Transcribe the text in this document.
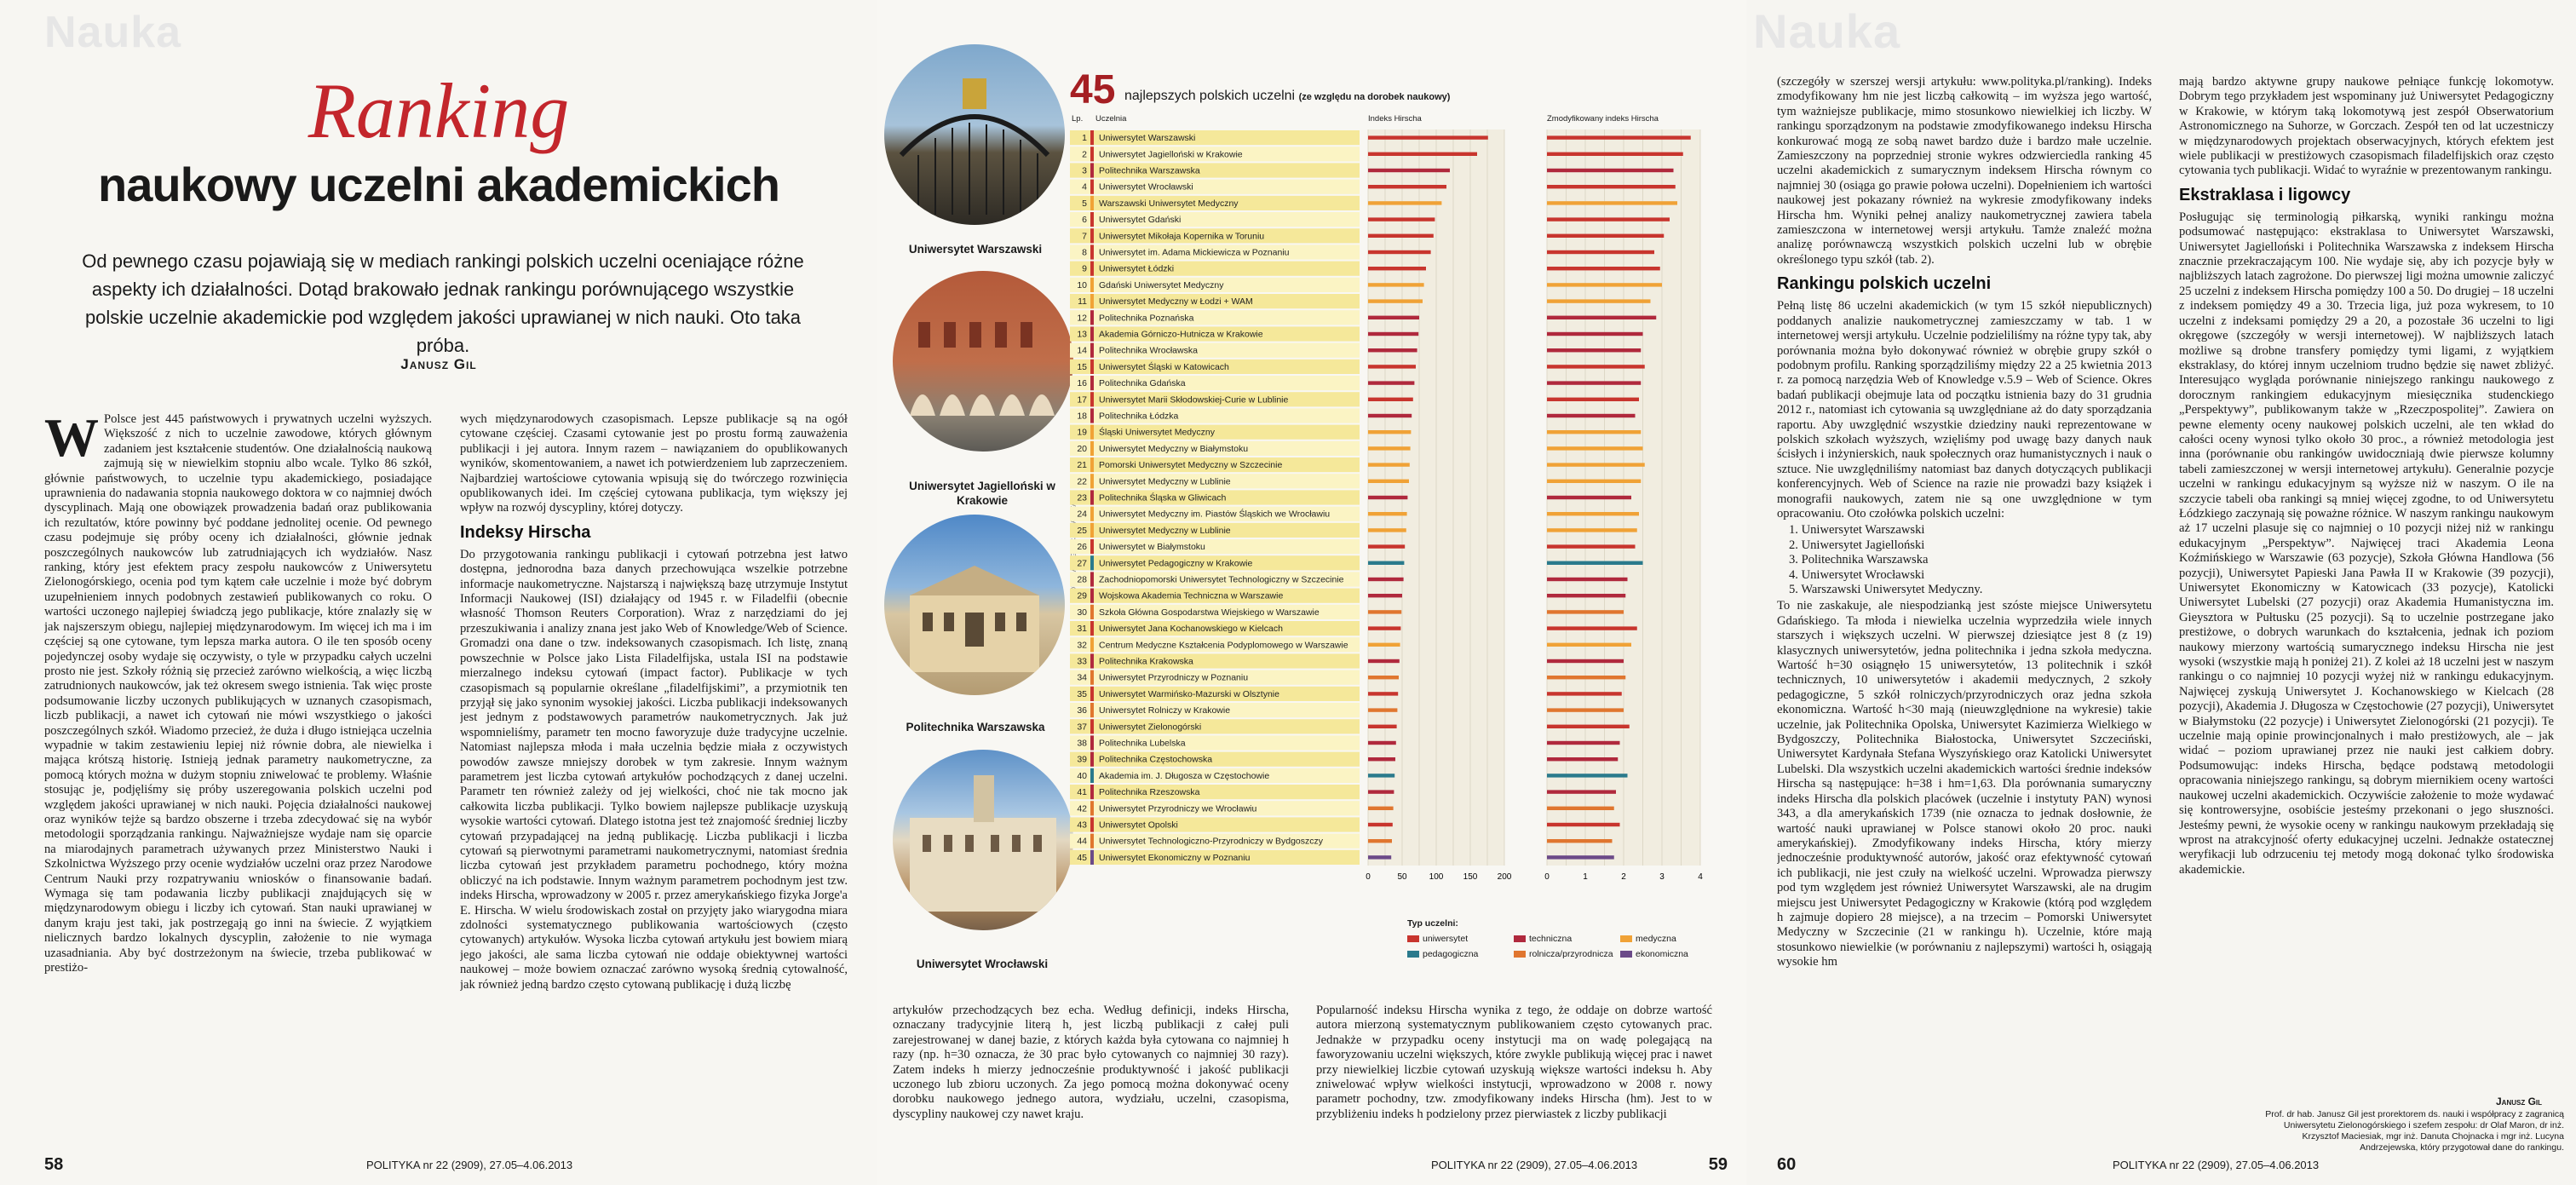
Nauka
Ranking
naukowy uczelni akademickich
Od pewnego czasu pojawiają się w mediach rankingi polskich uczelni oceniające różne aspekty ich działalności. Dotąd brakowało jednak rankingu porównującego wszystkie polskie uczelnie akademickie pod względem jakości uprawianej w nich nauki. Oto taka próba.
Janusz Gil

W Polsce jest 445 państwowych i prywatnych uczelni wyższych. Większość z nich to uczelnie zawodowe, których głównym zadaniem jest kształcenie studentów. One działalnością naukową zajmują się w niewielkim stopniu albo wcale. Tylko 86 szkół, głównie państwowych, to uczelnie typu akademickiego, posiadające uprawnienia do nadawania stopnia naukowego doktora w co najmniej dwóch dyscyplinach. Mają one obowiązek prowadzenia badań oraz publikowania ich rezultatów, które powinny być poddane jednolitej ocenie. Od pewnego czasu podejmuje się próby oceny ich działalności, głównie jednak poszczególnych naukowców lub zatrudniających ich wydziałów. Nasz ranking, który jest efektem pracy zespołu naukowców z Uniwersytetu Zielonogórskiego, ocenia pod tym kątem całe uczelnie i może być dobrym uzupełnieniem innych podobnych zestawień publikowanych co roku. O wartości uczonego najlepiej świadczą jego publikacje, które znalazły się w jak najszerszym obiegu, najlepiej międzynarodowym. Im więcej ich ma i im częściej są one cytowane, tym lepsza marka autora. O ile ten sposób oceny pojedynczej osoby wydaje się oczywisty, o tyle w przypadku całych uczelni prosto nie jest. Szkoły różnią się przecież zarówno wielkością, a więc liczbą zatrudnionych naukowców, jak też okresem swego istnienia. Tak więc proste podsumowanie liczby uczonych publikujących w uznanych czasopismach, liczb publikacji, a nawet ich cytowań nie mówi wszystkiego o jakości poszczególnych szkół. Wiadomo przecież, że duża i długo istniejąca uczelnia wypadnie w takim zestawieniu lepiej niż równie dobra, ale niewielka i mająca krótszą historię. Istnieją jednak parametry naukometryczne, za pomocą których można w dużym stopniu zniwelować te problemy. Właśnie stosując je, podjęliśmy się próby uszeregowania polskich uczelni pod względem jakości uprawianej w nich nauki. Pojęcia działalności naukowej oraz wyników tejże są bardzo obszerne i trzeba zdecydować się na wybór metodologii sporządzania rankingu. Najważniejsze wydaje nam się oparcie na miarodajnych parametrach używanych przez Ministerstwo Nauki i Szkolnictwa Wyższego przy ocenie wydziałów uczelni oraz przez Narodowe Centrum Nauki przy rozpatrywaniu wniosków o finansowanie badań. Wymaga się tam podawania liczby publikacji znajdujących się w międzynarodowym obiegu i liczby ich cytowań. Stan nauki uprawianej w danym kraju jest taki, jak postrzegają go inni na świecie. Z wyjątkiem nielicznych bardzo lokalnych dyscyplin, założenie to nie wymaga uzasadniania. Aby być dostrzeżonym na świecie, trzeba publikować w prestiżo-

wych międzynarodowych czasopismach. Lepsze publikacje są na ogół cytowane częściej. Czasami cytowanie jest po prostu formą zauważenia publikacji i jej autora. Innym razem – nawiązaniem do opublikowanych wyników, skomentowaniem, a nawet ich potwierdzeniem lub zaprzeczeniem. Najbardziej wartościowe cytowania wpisują się do twórczego rozwinięcia opublikowanych idei. Im częściej cytowana publikacja, tym większy jej wpływ na rozwój dyscypliny, której dotyczy.

Indeksy Hirscha

Do przygotowania rankingu publikacji i cytowań potrzebna jest łatwo dostępna, jednorodna baza danych przechowująca wszelkie potrzebne informacje naukometryczne. Najstarszą i największą bazę utrzymuje Instytut Informacji Naukowej (ISI) działający od 1945 r. w Filadelfii (obecnie własność Thomson Reuters Corporation). Wraz z narzędziami do jej przeszukiwania i analizy znana jest jako Web of Knowledge/Web of Science. Gromadzi ona dane o tzw. indeksowanych czasopismach. Ich listę, znaną powszechnie w Polsce jako Lista Filadelfijska, ustala ISI na podstawie mierzalnego indeksu cytowań (impact factor). Publikacje w tych czasopismach są popularnie określane „filadelfijskimi”, a przymiotnik ten przyjął się jako synonim wysokiej jakości. Liczba publikacji indeksowanych jest jednym z podstawowych parametrów naukometrycznych. Jak już wspomnieliśmy, parametr ten mocno faworyzuje duże tradycyjne uczelnie. Natomiast najlepsza młoda i mała uczelnia będzie miała z oczywistych powodów zawsze mniejszy dorobek w tym zakresie. Innym ważnym parametrem jest liczba cytowań artykułów pochodzących z danej uczelni. Parametr ten również zależy od jej wielkości, choć nie tak mocno jak całkowita liczba publikacji. Tylko bowiem najlepsze publikacje uzyskują wysokie wartości cytowań. Dlatego istotna jest też znajomość średniej liczby cytowań przypadającej na jedną publikację. Liczba publikacji i liczba cytowań są pierwotnymi parametrami naukometrycznymi, natomiast średnia liczba cytowań jest przykładem parametru pochodnego, który można obliczyć na ich podstawie. Innym ważnym parametrem pochodnym jest tzw. indeks Hirscha, wprowadzony w 2005 r. przez amerykańskiego fizyka Jorge'a E. Hirscha. W wielu środowiskach został on przyjęty jako wiarygodna miara zdolności systematycznego publikowania wartościowych (często cytowanych) artykułów. Wysoka liczba cytowań artykułu jest bowiem miarą jego jakości, ale sama liczba cytowań nie oddaje obiektywnej wartości naukowej – może bowiem oznaczać zarówno wysoką średnią cytowalność, jak również jedną bardzo często cytowaną publikację i dużą liczbę

58	POLITYKA nr 22 (2909), 27.05–4.06.2013
Uniwersytet Warszawski
Uniwersytet Jagielloński w Krakowie
Politechnika Warszawska
Uniwersytet Wrocławski
45 najlepszych polskich uczelni (ze względu na dorobek naukowy)
Lp. Uczelnia	Indeks Hirscha	Zmodyfikowany indeks Hirscha
1 Uniwersytet Warszawski
2 Uniwersytet Jagielloński w Krakowie
3 Politechnika Warszawska
4 Uniwersytet Wrocławski
5 Warszawski Uniwersytet Medyczny
6 Uniwersytet Gdański
7 Uniwersytet Mikołaja Kopernika w Toruniu
8 Uniwersytet im. Adama Mickiewicza w Poznaniu
9 Uniwersytet Łódzki
10 Gdański Uniwersytet Medyczny
11 Uniwersytet Medyczny w Łodzi + WAM
12 Politechnika Poznańska
13 Akademia Górniczo-Hutnicza w Krakowie
14 Politechnika Wrocławska
15 Uniwersytet Śląski w Katowicach
16 Politechnika Gdańska
17 Uniwersytet Marii Skłodowskiej-Curie w Lublinie
18 Politechnika Łódzka
19 Śląski Uniwersytet Medyczny
20 Uniwersytet Medyczny w Białymstoku
21 Pomorski Uniwersytet Medyczny w Szczecinie
22 Uniwersytet Medyczny w Lublinie
23 Politechnika Śląska w Gliwicach
24 Uniwersytet Medyczny im. Piastów Śląskich we Wrocławiu
25 Uniwersytet Medyczny w Lublinie
26 Uniwersytet w Białymstoku
27 Uniwersytet Pedagogiczny w Krakowie
28 Zachodniopomorski Uniwersytet Technologiczny w Szczecinie
29 Wojskowa Akademia Techniczna w Warszawie
30 Szkoła Główna Gospodarstwa Wiejskiego w Warszawie
31 Uniwersytet Jana Kochanowskiego w Kielcach
32 Centrum Medyczne Kształcenia Podyplomowego w Warszawie
33 Politechnika Krakowska
34 Uniwersytet Przyrodniczy w Poznaniu
35 Uniwersytet Warmińsko-Mazurski w Olsztynie
36 Uniwersytet Rolniczy w Krakowie
37 Uniwersytet Zielonogórski
38 Politechnika Lubelska
39 Politechnika Częstochowska
40 Akademia im. J. Długosza w Częstochowie
41 Politechnika Rzeszowska
42 Uniwersytet Przyrodniczy we Wrocławiu
43 Uniwersytet Opolski
44 Uniwersytet Technologiczno-Przyrodniczy w Bydgoszczy
45 Uniwersytet Ekonomiczny w Poznaniu
0	50	100 150 200	0	1	2	3	4
Typ uczelni:
uniwersytet	techniczna	medyczna
pedagogiczna	rolnicza/przyrodnicza	ekonomiczna

artykułów przechodzących bez echa. Według definicji, indeks Hirscha, oznaczany tradycyjnie literą h, jest liczbą publikacji z całej puli zarejestrowanej w danej bazie, z których każda była cytowana co najmniej h razy (np. h=30 oznacza, że 30 prac było cytowanych co najmniej 30 razy). Zatem indeks h mierzy jednocześnie produktywność i jakość publikacji uczonego lub zbioru uczonych. Za jego pomocą można dokonywać oceny dorobku naukowego jednego autora, wydziału, uczelni, czasopisma, dyscypliny naukowej czy nawet kraju.

Popularność indeksu Hirscha wynika z tego, że oddaje on dobrze wartość autora mierzoną systematycznym publikowaniem często cytowanych prac. Jednakże w przypadku oceny instytucji ma on wadę polegającą na faworyzowaniu uczelni większych, które zwykle publikują więcej prac i nawet przy niewielkiej liczbie cytowań uzyskują większe wartości indeksu h. Aby zniwelować wpływ wielkości instytucji, wprowadzono w 2008 r. nowy parametr pochodny, tzw. zmodyfikowany indeks Hirscha (hm). Jest to w przybliżeniu indeks h podzielony przez pierwiastek z liczby publikacji

POLITYKA nr 22 (2909), 27.05–4.06.2013	59
Nauka

(szczegóły w szerszej wersji artykułu: www.polityka.pl/ranking). Indeks zmodyfikowany hm nie jest liczbą całkowitą – im wyższa jego wartość, tym ważniejsze publikacje, mimo stosunkowo niewielkiej ich liczby. W rankingu sporządzonym na podstawie zmodyfikowanego indeksu Hirscha konkurować mogą ze sobą nawet bardzo duże i bardzo małe uczelnie. Zamieszczony na poprzedniej stronie wykres odzwierciedla ranking 45 uczelni akademickich z sumarycznym indeksem Hirscha równym co najmniej 30 (osiąga go prawie połowa uczelni). Dopełnieniem ich wartości naukowej jest pokazany również na wykresie zmodyfikowany indeks Hirscha hm. Wyniki pełnej analizy naukometrycznej zawiera tabela zamieszczona w internetowej wersji artykułu. Tamże znaleźć można analizę porównawczą wszystkich polskich uczelni lub w obrębie określonego typu szkół (tab. 2).

Rankingu polskich uczelni

Pełną listę 86 uczelni akademickich (w tym 15 szkół niepublicznych) poddanych analizie naukometrycznej zamieszczamy w tab. 1 w internetowej wersji artykułu. Uczelnie podzieliliśmy na różne typy tak, aby porównania można było dokonywać również w obrębie grupy szkół o podobnym profilu. Ranking sporządziliśmy między 22 a 25 kwietnia 2013 r. za pomocą narzędzia Web of Knowledge v.5.9 – Web of Science. Okres badań publikacji obejmuje lata od początku istnienia bazy do 31 grudnia 2012 r., natomiast ich cytowania są uwzględniane aż do daty sporządzania raportu. Aby uwzględnić wszystkie dziedziny nauki reprezentowane w polskich szkołach wyższych, wzięliśmy pod uwagę bazy danych nauk ścisłych i inżynierskich, nauk społecznych oraz humanistycznych i nauk o sztuce. Nie uwzględniliśmy natomiast baz danych dotyczących publikacji konferencyjnych. Web of Science na razie nie prowadzi bazy książek i monografii naukowych, zatem nie są one uwzględnione w tym opracowaniu. Oto czołówka polskich uczelni:

1. Uniwersytet Warszawski
2. Uniwersytet Jagielloński
3. Politechnika Warszawska
4. Uniwersytet Wrocławski
5. Warszawski Uniwersytet Medyczny.

To nie zaskakuje, ale niespodzianką jest szóste miejsce Uniwersytetu Gdańskiego. Ta młoda i niewielka uczelnia wyprzedziła wiele innych starszych i większych uczelni. W pierwszej dziesiątce jest 8 (z 19) klasycznych uniwersytetów, jedna politechnika i jedna szkoła medyczna. Wartość h=30 osiągnęło 15 uniwersytetów, 13 politechnik i szkół technicznych, 10 uniwersytetów i akademii medycznych, 2 szkoły pedagogiczne, 5 szkół rolniczych/przyrodniczych oraz jedna szkoła ekonomiczna. Wartość h<30 mają (nieuwzględnione na wykresie) takie uczelnie, jak Politechnika Opolska, Uniwersytet Kazimierza Wielkiego w Bydgoszczy, Politechnika Białostocka, Uniwersytet Szczeciński, Uniwersytet Kardynała Stefana Wyszyńskiego oraz Katolicki Uniwersytet Lubelski. Dla wszystkich uczelni akademickich wartości średnie indeksów Hirscha są następujące: h=38 i hm=1,63. Dla porównania sumaryczny indeks Hirscha dla polskich placówek (uczelnie i instytuty PAN) wynosi 343, a dla amerykańskich 1739 (nie oznacza to jednak dosłownie, że wartość nauki uprawianej w Polsce stanowi około 20 proc. nauki amerykańskiej). Zmodyfikowany indeks Hirscha, który mierzy jednocześnie produktywność autorów, jakość oraz efektywność cytowań ich publikacji, nie jest czuły na wielkość uczelni. Wprowadza pierwszy pod tym względem jest również Uniwersytet Warszawski, ale na drugim miejscu jest Uniwersytet Pedagogiczny w Krakowie (którą pod względem h zajmuje dopiero 28 miejsce), a na trzecim – Pomorski Uniwersytet Medyczny w Szczecinie (21 w rankingu h). Uczelnie, które mają stosunkowo niewielkie (w porównaniu z najlepszymi) wartości h, osiągają wysokie hm

mają bardzo aktywne grupy naukowe pełniące funkcję lokomotyw. Dobrym tego przykładem jest wspominany już Uniwersytet Pedagogiczny w Krakowie, w którym taką lokomotywą jest zespół Obserwatorium Astronomicznego na Suhorze, w Gorczach. Zespół ten od lat uczestniczy w międzynarodowych projektach obserwacyjnych, których efektem jest wiele publikacji w prestiżowych czasopismach filadelfijskich oraz często cytowania tych publikacji. Widać to wyraźnie w prezentowanym rankingu.

Ekstraklasa i ligowcy

Posługując się terminologią piłkarską, wyniki rankingu można podsumować następująco: ekstraklasa to Uniwersytet Warszawski, Uniwersytet Jagielloński i Politechnika Warszawska z indeksem Hirscha znacznie przekraczającym 100. Nie wydaje się, aby ich pozycje były w najbliższych latach zagrożone. Do pierwszej ligi można umownie zaliczyć 25 uczelni z indeksem Hirscha pomiędzy 100 a 50. Do drugiej – 18 uczelni z indeksem pomiędzy 49 a 30. Trzecia liga, już poza wykresem, to 10 uczelni z indeksami pomiędzy 29 a 20, a pozostałe 36 uczelni to ligi okręgowe (szczegóły w wersji internetowej). W najbliższych latach możliwe są drobne transfery pomiędzy tymi ligami, z wyjątkiem ekstraklasy, do której innym uczelniom trudno będzie się nawet zbliżyć. Interesująco wygląda porównanie niniejszego rankingu naukowego z dorocznym rankingiem edukacyjnym miesięcznika studenckiego „Perspektywy”, publikowanym także w „Rzeczpospolitej”. Zawiera on pewne elementy oceny naukowej polskich uczelni, ale ten wkład do całości oceny wynosi tylko około 30 proc., a również metodologia jest inna (porównanie obu rankingów uwidoczniają dwie pierwsze kolumny tabeli zamieszczonej w wersji internetowej artykułu). Generalnie pozycje uczelni w rankingu edukacyjnym są wyższe niż w naszym. O ile na szczycie tabeli oba rankingi są mniej więcej zgodne, to od Uniwersytetu Łódzkiego zaczynają się poważne różnice. W naszym rankingu naukowym aż 17 uczelni plasuje się co najmniej o 10 pozycji niżej niż w rankingu edukacyjnym „Perspektyw”. Najwięcej traci Akademia Leona Koźmińskiego w Warszawie (63 pozycje), Szkoła Główna Handlowa (56 pozycji), Uniwersytet Papieski Jana Pawła II w Krakowie (39 pozycji), Uniwersytet Ekonomiczny w Katowicach (33 pozycje), Katolicki Uniwersytet Lubelski (27 pozycji) oraz Akademia Humanistyczna im. Gieysztora w Pułtusku (25 pozycji). Są to uczelnie postrzegane jako prestiżowe, o dobrych warunkach do kształcenia, jednak ich poziom naukowy mierzony wartością sumarycznego indeksu Hirscha nie jest wysoki (wszystkie mają h poniżej 21). Z kolei aż 18 uczelni jest w naszym rankingu o co najmniej 10 pozycji wyżej niż w rankingu edukacyjnym. Najwięcej zyskują Uniwersytet J. Kochanowskiego w Kielcach (28 pozycji), Akademia J. Długosza w Częstochowie (27 pozycji), Uniwersytet w Białymstoku (22 pozycje) i Uniwersytet Zielonogórski (21 pozycji). Te uczelnie mają opinie prowincjonalnych i mało prestiżowych, ale – jak widać – poziom uprawianej przez nie nauki jest całkiem dobry. Podsumowując: indeks Hirscha, będące podstawą metodologii opracowania niniejszego rankingu, są dobrym miernikiem oceny wartości naukowej uczelni akademickich. Oczywiście założenie to może wydawać się kontrowersyjne, osobiście jesteśmy przekonani o jego słuszności. Jesteśmy pewni, że wysokie oceny w rankingu naukowym przekładają się wprost na atrakcyjność oferty edukacyjnej uczelni. Jednakże ostatecznej weryfikacji lub odrzuceniu tej metody mogą dokonać tylko środowiska akademickie.

Janusz Gil
Prof. dr hab. Janusz Gil jest prorektorem ds. nauki i współpracy z zagranicą Uniwersytetu Zielonogórskiego i szefem zespołu: dr Olaf Maron, dr inż. Krzysztof Maciesiak, mgr inż. Danuta Chojnacka i mgr inż. Lucyna Andrzejewska, który przygotował dane do rankingu.
60	POLITYKA nr 22 (2909), 27.05–4.06.2013
